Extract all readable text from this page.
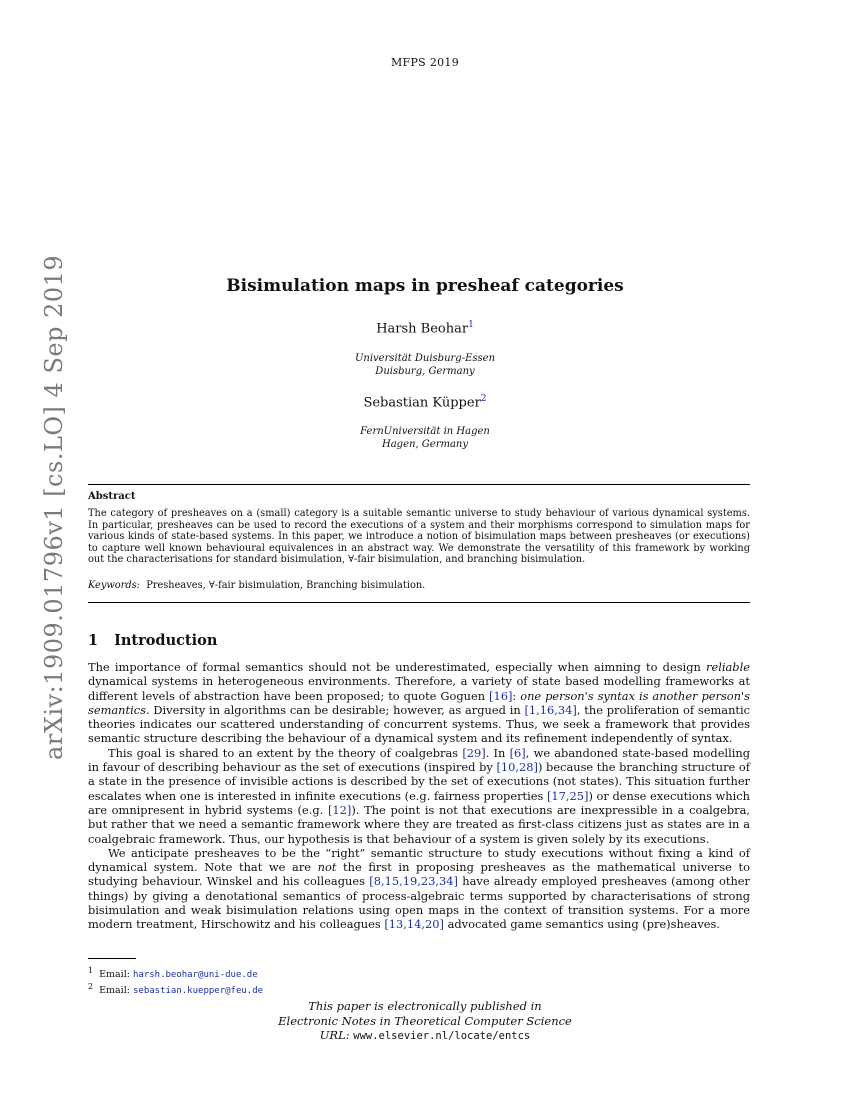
MFPS 2019
arXiv:1909.01796v1 [cs.LO] 4 Sep 2019	Bisimulation maps in presheaf categories
Harsh Beohar$^1$
Universität Duisburg-Essen
Duisburg, Germany
Sebastian Küpper$^2$
FernUniversität in Hagen
Hagen, Germany
Abstract
The category of presheaves on a (small) category is a suitable semantic universe to study behaviour of various dynamical systems. In particular, presheaves can be used to record the executions of a system and their morphisms correspond to simulation maps for various kinds of state-based systems. In this paper, we introduce a notion of bisimulation maps between presheaves (or executions) to capture well known behavioural equivalences in an abstract way. We demonstrate the versatility of this framework by working out the characterisations for standard bisimulation, ∀-fair bisimulation, and branching bisimulation.
Keywords: Presheaves, ∀-fair bisimulation, Branching bisimulation.
1 Introduction

The importance of formal semantics should not be underestimated, especially when aimning to design reliable dynamical systems in heterogeneous environments. Therefore, a variety of state based modelling frameworks at different levels of abstraction have been proposed; to quote Goguen [16]: one person's syntax is another person's semantics. Diversity in algorithms can be desirable; however, as argued in [1,16,34], the proliferation of semantic theories indicates our scattered understanding of concurrent systems. Thus, we seek a framework that provides semantic structure describing the behaviour of a dynamical system and its refinement independently of syntax.

This goal is shared to an extent by the theory of coalgebras [29]. In [6], we abandoned state-based modelling in favour of describing behaviour as the set of executions (inspired by [10,28]) because the branching structure of a state in the presence of invisible actions is described by the set of executions (not states). This situation further escalates when one is interested in infinite executions (e.g. fairness properties [17,25]) or dense executions which are omnipresent in hybrid systems (e.g. [12]). The point is not that executions are inexpressible in a coalgebra, but rather that we need a semantic framework where they are treated as first-class citizens just as states are in a coalgebraic framework. Thus, our hypothesis is that behaviour of a system is given solely by its executions.

We anticipate presheaves to be the “right” semantic structure to study executions without fixing a kind of dynamical system. Note that we are not the first in proposing presheaves as the mathematical universe to studying behaviour. Winskel and his colleagues [8,15,19,23,34] have already employed presheaves (among other things) by giving a denotational semantics of process-algebraic terms supported by characterisations of strong bisimulation and weak bisimulation relations using open maps in the context of transition systems. For a more modern treatment, Hirschowitz and his colleagues [13,14,20] advocated game semantics using (pre)sheaves.

$^1$ Email: harsh.beohar@uni-due.de
$^2$ Email: sebastian.kuepper@feu.de
This paper is electronically published in
Electronic Notes in Theoretical Computer Science
URL: www.elsevier.nl/locate/entcs
